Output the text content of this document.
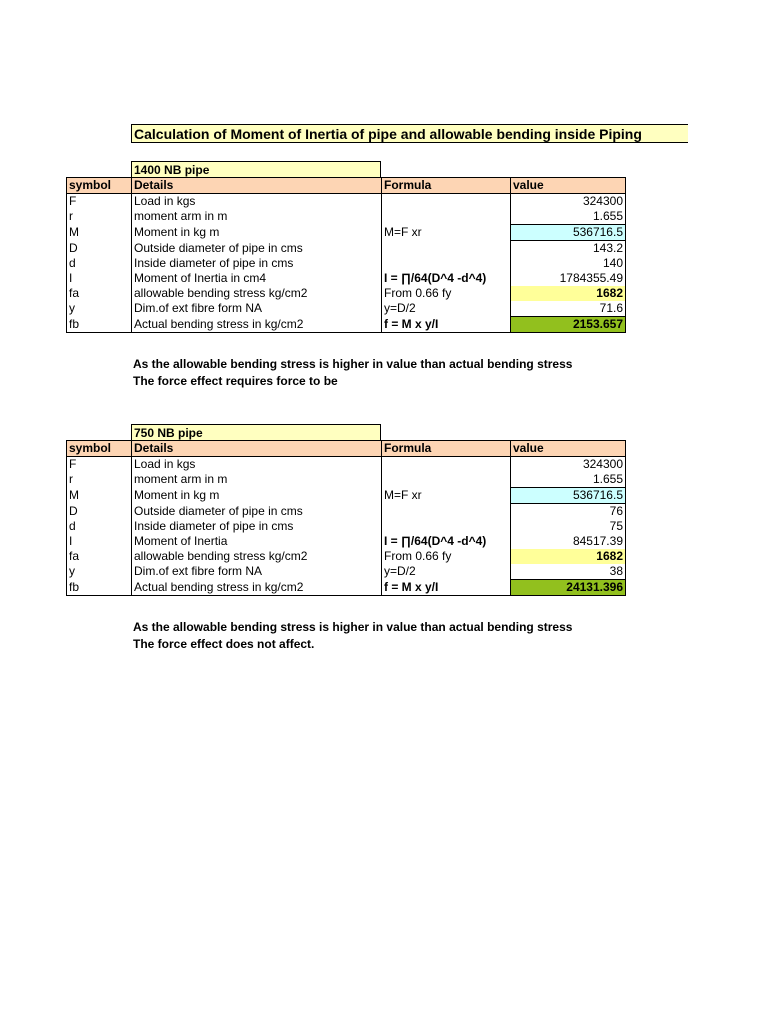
Calculation of Moment of Inertia of pipe and allowable bending inside Piping
1400 NB pipe
symbol	Details	Formula	value
F	Load in kgs		324300
r	moment arm in m		1.655
M	Moment in kg m	M=F xr	536716.5
D	Outside diameter of pipe in cms		143.2
d	Inside diameter of pipe in cms		140
I	Moment of Inertia in cm4	I = ∏/64(D^4 -d^4)	1784355.49
fa	allowable bending stress kg/cm2	From 0.66 fy	1682
y	Dim.of ext fibre form NA	y=D/2	71.6
fb	Actual bending stress in kg/cm2	f = M x y/I	2153.657
As the allowable bending stress is higher in value than actual bending stress
The force effect requires force to be
750 NB pipe
symbol	Details	Formula	value
F	Load in kgs		324300
r	moment arm in m		1.655
M	Moment in kg m	M=F xr	536716.5
D	Outside diameter of pipe in cms		76
d	Inside diameter of pipe in cms		75
I	Moment of Inertia	I = ∏/64(D^4 -d^4)	84517.39
fa	allowable bending stress kg/cm2	From 0.66 fy	1682
y	Dim.of ext fibre form NA	y=D/2	38
fb	Actual bending stress in kg/cm2	f = M x y/I	24131.396
As the allowable bending stress is higher in value than actual bending stress
The force effect does not affect.
